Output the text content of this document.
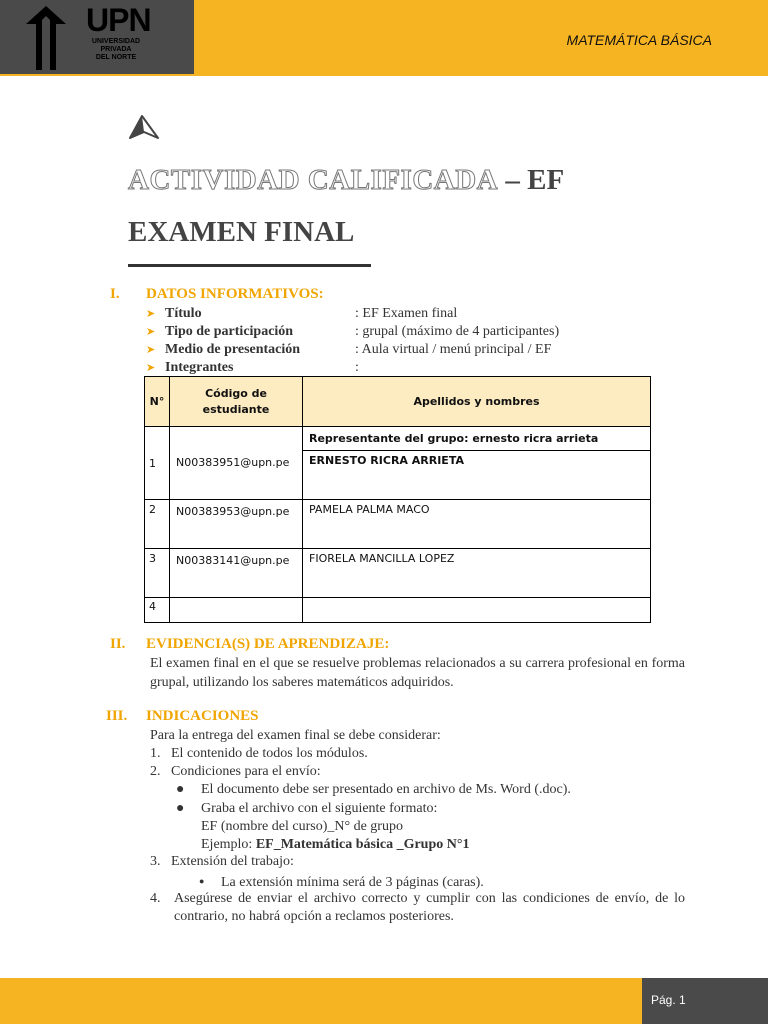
UPN
UNIVERSIDAD
PRIVADA
DEL NORTE
MATEMÁTICA BÁSICA
ACTIVIDAD CALIFICADA – EF
EXAMEN FINAL
I. DATOS INFORMATIVOS:
➤ Título	: EF Examen final
➤ Tipo de participación	: grupal (máximo de 4 participantes)
➤ Medio de presentación	: Aula virtual / menú principal / EF
➤ Integrantes	:
N°	Código de estudiante	Apellidos y nombres
1	N00383951@upn.pe	Representante del grupo: ernesto ricra arrieta
		ERNESTO RICRA ARRIETA
2	N00383953@upn.pe	PAMELA PALMA MACO
3	N00383141@upn.pe	FIORELA MANCILLA LOPEZ
4		
II. EVIDENCIA(S) DE APRENDIZAJE:
El examen final en el que se resuelve problemas relacionados a su carrera profesional en forma grupal, utilizando los saberes matemáticos adquiridos.
III. INDICACIONES
Para la entrega del examen final se debe considerar:
1.   El contenido de todos los módulos.
2.   Condiciones para el envío:
● El documento debe ser presentado en archivo de Ms. Word (.doc).
● Graba el archivo con el siguiente formato:
EF (nombre del curso)_N° de grupo
Ejemplo: EF_Matemática básica _Grupo N°1
3.   Extensión del trabajo:
● La extensión mínima será de 3 páginas (caras).
4. Asegúrese de enviar el archivo correcto y cumplir con las condiciones de envío, de lo contrario, no habrá opción a reclamos posteriores.
Pág. 1
